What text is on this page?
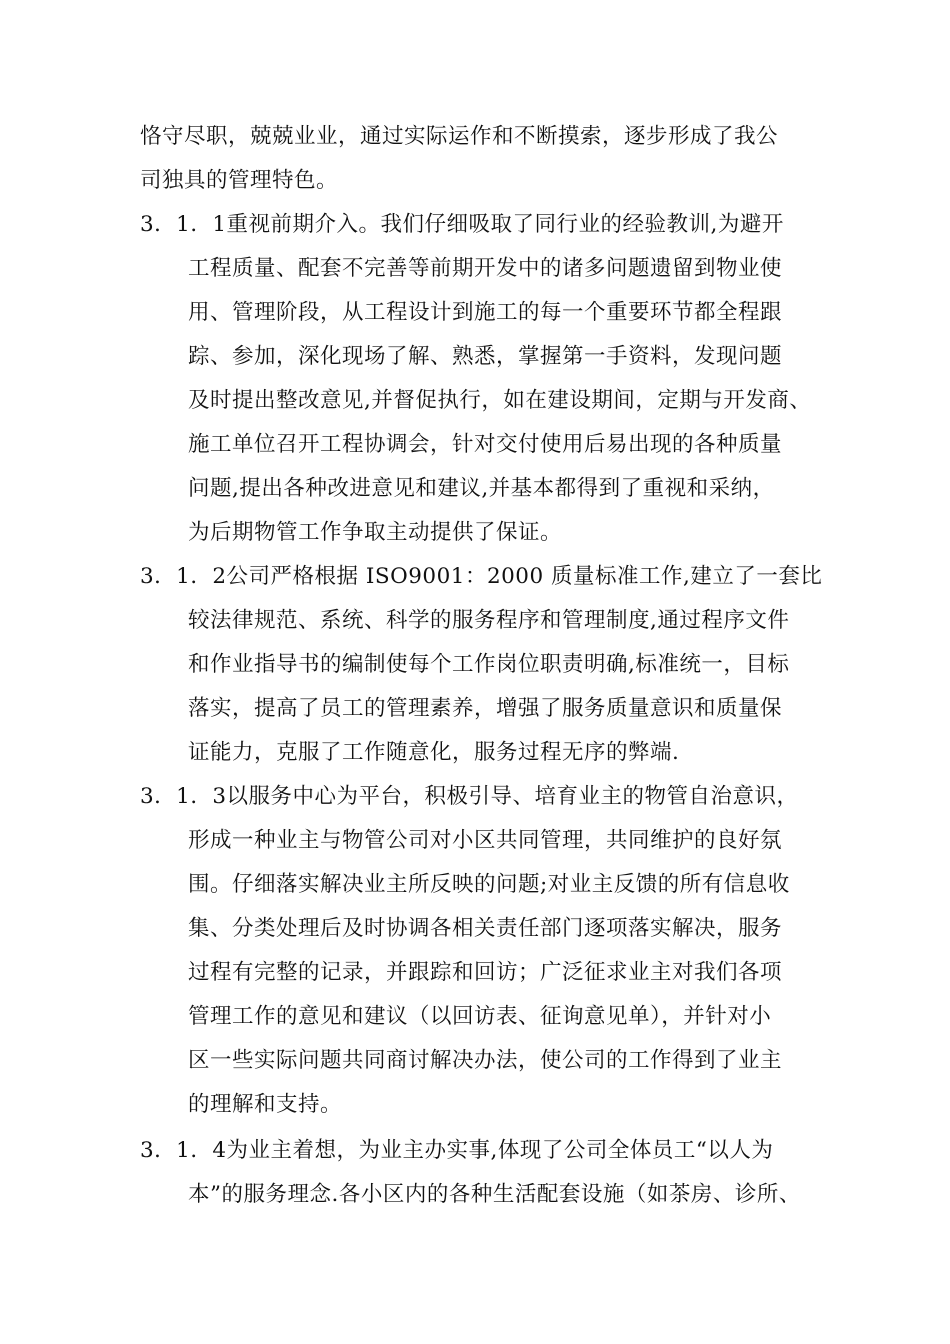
恪守尽职，兢兢业业，通过实际运作和不断摸索，逐步形成了我公
司独具的管理特色。
3．1．1重视前期介入。我们仔细吸取了同行业的经验教训,为避开
工程质量、配套不完善等前期开发中的诸多问题遗留到物业使
用、管理阶段，从工程设计到施工的每一个重要环节都全程跟
踪、参加，深化现场了解、熟悉，掌握第一手资料，发现问题
及时提出整改意见,并督促执行，如在建设期间，定期与开发商、
施工单位召开工程协调会，针对交付使用后易出现的各种质量
问题,提出各种改进意见和建议,并基本都得到了重视和采纳，
为后期物管工作争取主动提供了保证。
3．1．2公司严格根据 ISO9001：2000 质量标准工作,建立了一套比
较法律规范、系统、科学的服务程序和管理制度,通过程序文件
和作业指导书的编制使每个工作岗位职责明确,标准统一，目标
落实，提高了员工的管理素养，增强了服务质量意识和质量保
证能力，克服了工作随意化，服务过程无序的弊端.
3．1．3以服务中心为平台，积极引导、培育业主的物管自治意识，
形成一种业主与物管公司对小区共同管理，共同维护的良好氛
围。仔细落实解决业主所反映的问题;对业主反馈的所有信息收
集、分类处理后及时协调各相关责任部门逐项落实解决，服务
过程有完整的记录，并跟踪和回访；广泛征求业主对我们各项
管理工作的意见和建议（以回访表、征询意见单），并针对小
区一些实际问题共同商讨解决办法，使公司的工作得到了业主
的理解和支持。
3．1．4为业主着想，为业主办实事,体现了公司全体员工“以人为
本”的服务理念.各小区内的各种生活配套设施（如茶房、诊所、
